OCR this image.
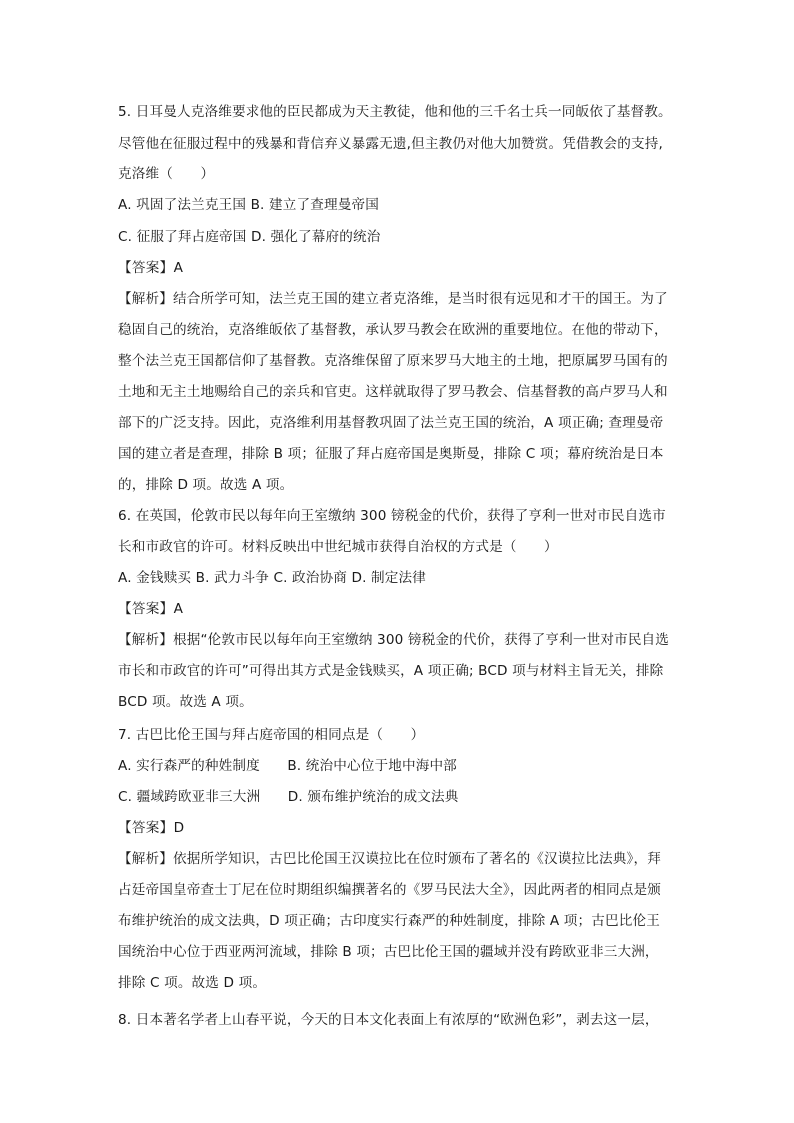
5. 日耳曼人克洛维要求他的臣民都成为天主教徒，他和他的三千名士兵一同皈依了基督教。
尽管他在征服过程中的残暴和背信弃义暴露无遗,但主教仍对他大加赞赏。凭借教会的支持,
克洛维（　　）
A. 巩固了法兰克王国 B. 建立了查理曼帝国
C. 征服了拜占庭帝国 D. 强化了幕府的统治
【答案】A
【解析】结合所学可知，法兰克王国的建立者克洛维，是当时很有远见和才干的国王。为了
稳固自己的统治，克洛维皈依了基督教，承认罗马教会在欧洲的重要地位。在他的带动下，
整个法兰克王国都信仰了基督教。克洛维保留了原来罗马大地主的土地，把原属罗马国有的
土地和无主土地赐给自己的亲兵和官吏。这样就取得了罗马教会、信基督教的高卢罗马人和
部下的广泛支持。因此，克洛维利用基督教巩固了法兰克王国的统治，A 项正确; 查理曼帝
国的建立者是查理，排除 B 项；征服了拜占庭帝国是奥斯曼，排除 C 项；幕府统治是日本
的，排除 D 项。故选 A 项。
6. 在英国，伦敦市民以每年向王室缴纳 300 镑税金的代价，获得了亨利一世对市民自选市
长和市政官的许可。材料反映出中世纪城市获得自治权的方式是（　　）
A. 金钱赎买 B. 武力斗争 C. 政治协商 D. 制定法律
【答案】A
【解析】根据“伦敦市民以每年向王室缴纳 300 镑税金的代价，获得了亨利一世对市民自选
市长和市政官的许可”可得出其方式是金钱赎买，A 项正确; BCD 项与材料主旨无关，排除
BCD 项。故选 A 项。
7. 古巴比伦王国与拜占庭帝国的相同点是（　　）
A. 实行森严的种姓制度　　B. 统治中心位于地中海中部
C. 疆域跨欧亚非三大洲　　D. 颁布维护统治的成文法典
【答案】D
【解析】依据所学知识，古巴比伦国王汉谟拉比在位时颁布了著名的《汉谟拉比法典》，拜
占廷帝国皇帝查士丁尼在位时期组织编撰著名的《罗马民法大全》，因此两者的相同点是颁
布维护统治的成文法典，D 项正确；古印度实行森严的种姓制度，排除 A 项；古巴比伦王
国统治中心位于西亚两河流域，排除 B 项；古巴比伦王国的疆域并没有跨欧亚非三大洲，
排除 C 项。故选 D 项。
8. 日本著名学者上山春平说，今天的日本文化表面上有浓厚的“欧洲色彩”，剥去这一层，
